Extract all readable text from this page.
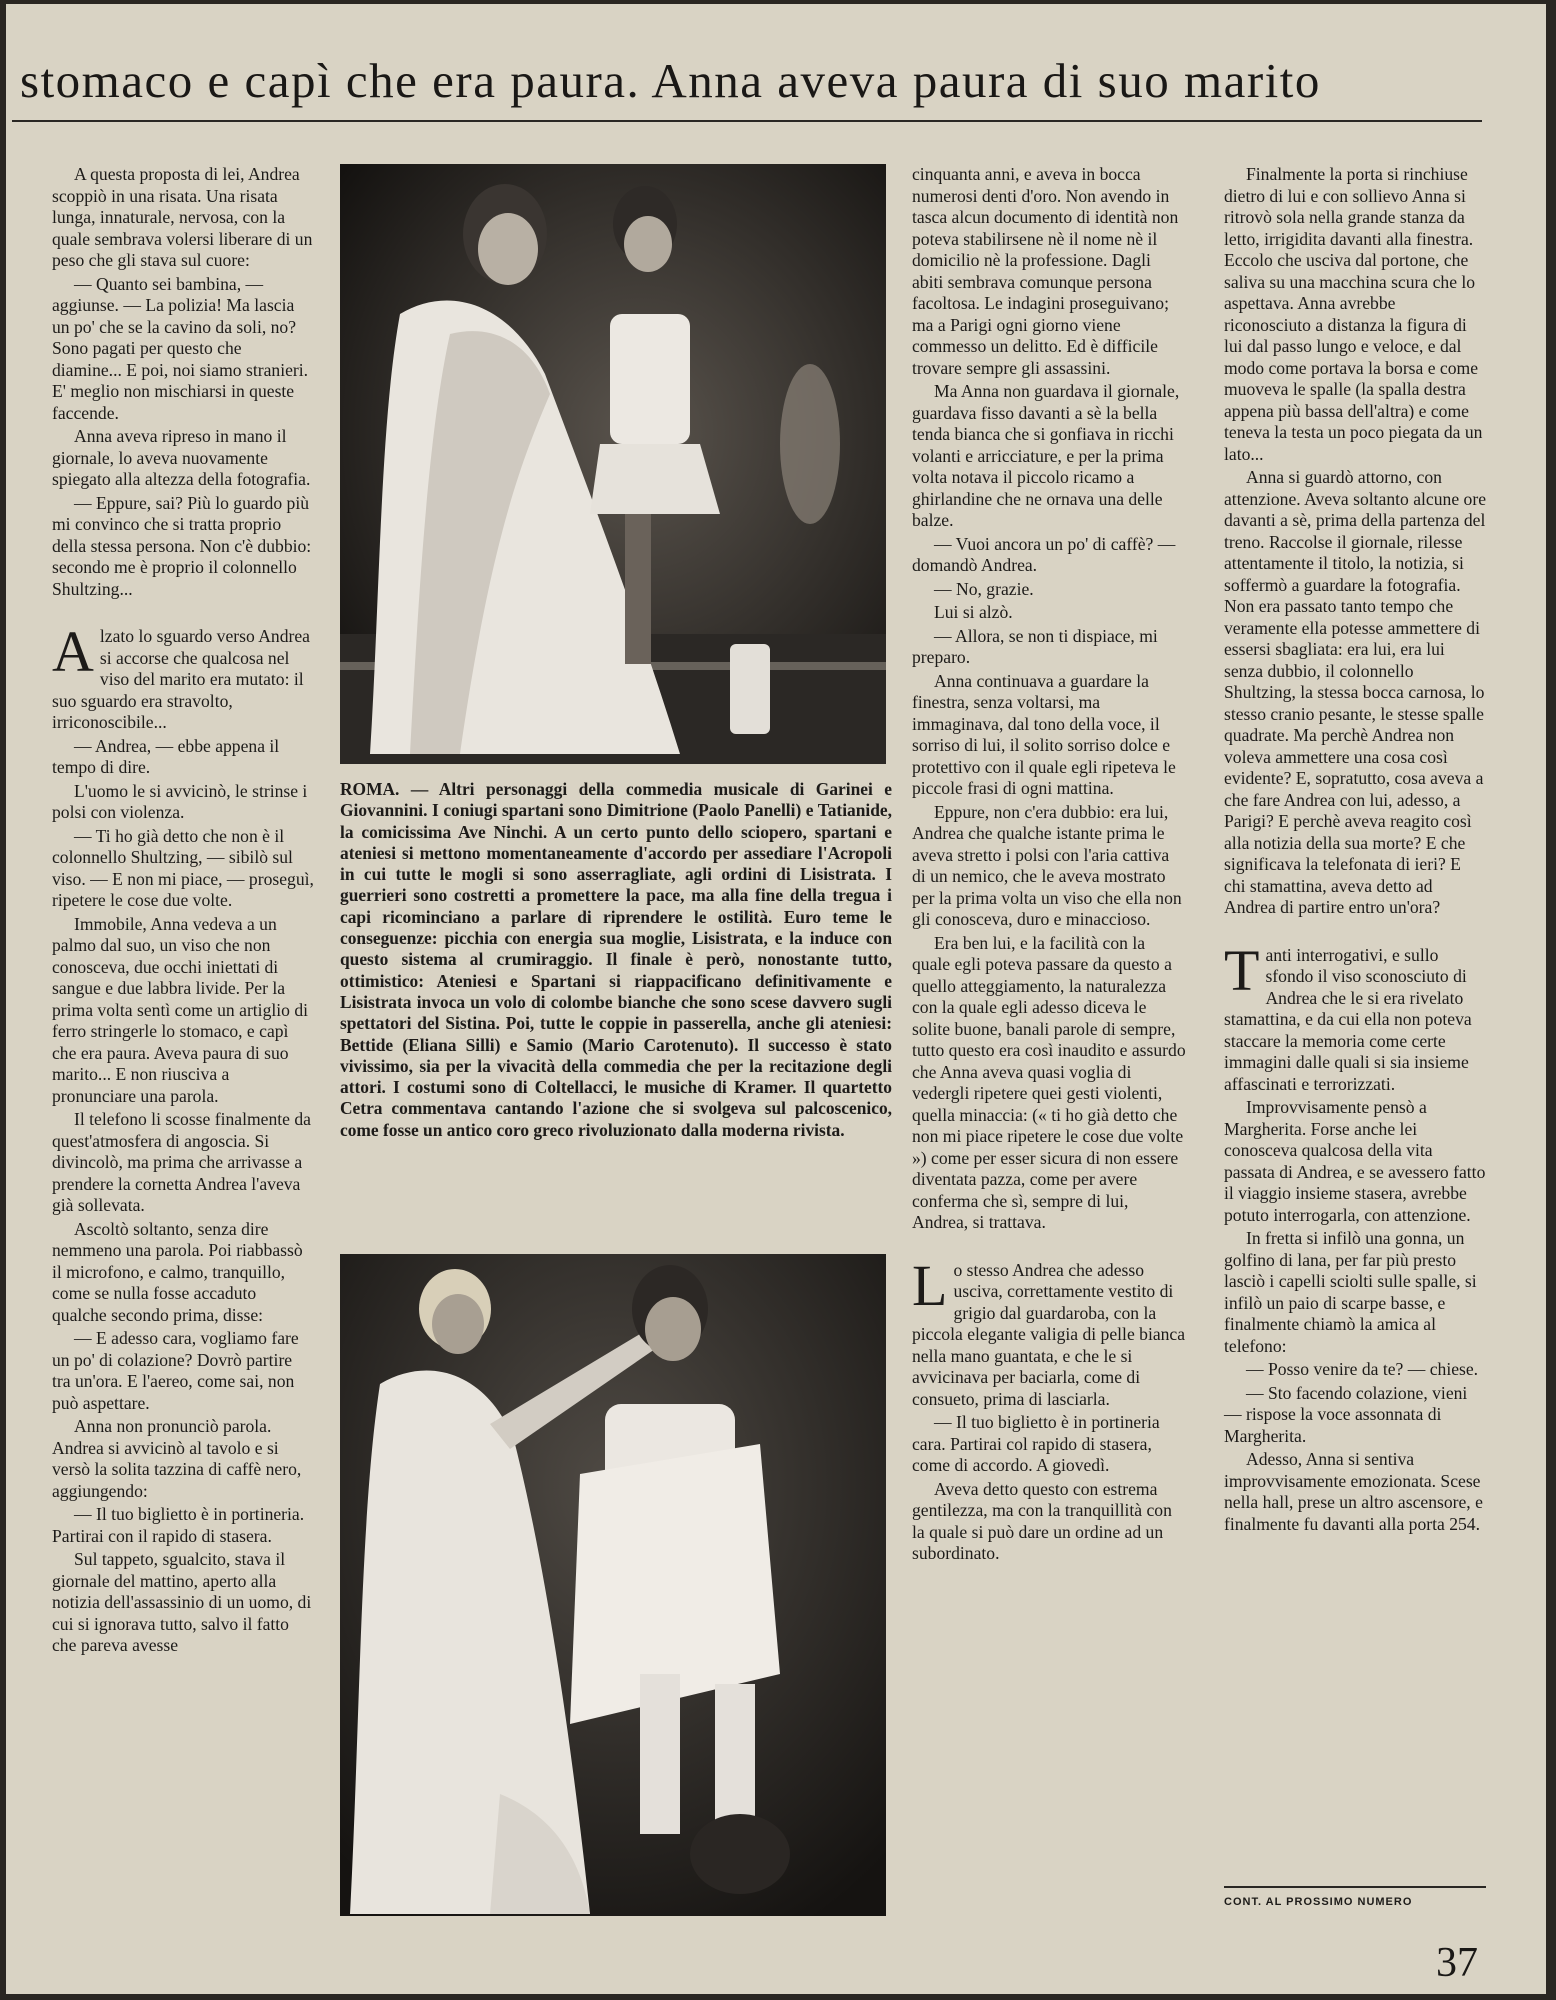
stomaco e capì che era paura. Anna aveva paura di suo marito

A questa proposta di lei, Andrea scoppiò in una risata. Una risata lunga, innaturale, nervosa, con la quale sembrava volersi liberare di un peso che gli stava sul cuore:

— Quanto sei bambina, — aggiunse. — La polizia! Ma lascia un po' che se la cavino da soli, no? Sono pagati per questo che diamine... E poi, noi siamo stranieri. E' meglio non mischiarsi in queste faccende.

Anna aveva ripreso in mano il giornale, lo aveva nuovamente spiegato alla altezza della fotografia.

— Eppure, sai? Più lo guardo più mi convinco che si tratta proprio della stessa persona. Non c'è dubbio: secondo me è proprio il colonnello Shultzing...

Alzato lo sguardo verso Andrea si accorse che qualcosa nel viso del marito era mutato: il suo sguardo era stravolto, irriconoscibile...

— Andrea, — ebbe appena il tempo di dire.

L'uomo le si avvicinò, le strinse i polsi con violenza.

— Ti ho già detto che non è il colonnello Shultzing, — sibilò sul viso. — E non mi piace, — proseguì, ripetere le cose due volte.

Immobile, Anna vedeva a un palmo dal suo, un viso che non conosceva, due occhi iniettati di sangue e due labbra livide. Per la prima volta sentì come un artiglio di ferro stringerle lo stomaco, e capì che era paura. Aveva paura di suo marito... E non riusciva a pronunciare una parola.

Il telefono li scosse finalmente da quest'atmosfera di angoscia. Si divincolò, ma prima che arrivasse a prendere la cornetta Andrea l'aveva già sollevata.

Ascoltò soltanto, senza dire nemmeno una parola. Poi riabbassò il microfono, e calmo, tranquillo, come se nulla fosse accaduto qualche secondo prima, disse:

— E adesso cara, vogliamo fare un po' di colazione? Dovrò partire tra un'ora. E l'aereo, come sai, non può aspettare.

Anna non pronunciò parola. Andrea si avvicinò al tavolo e si versò la solita tazzina di caffè nero, aggiungendo:

— Il tuo biglietto è in portineria. Partirai con il rapido di stasera.

Sul tappeto, sgualcito, stava il giornale del mattino, aperto alla notizia dell'assassinio di un uomo, di cui si ignorava tutto, salvo il fatto che pareva avesse

ROMA. — Altri personaggi della commedia musicale di Garinei e Giovannini. I coniugi spartani sono Dimitrione (Paolo Panelli) e Tatianide, la comicissima Ave Ninchi. A un certo punto dello sciopero, spartani e ateniesi si mettono momentaneamente d'accordo per assediare l'Acropoli in cui tutte le mogli si sono asserragliate, agli ordini di Lisistrata. I guerrieri sono costretti a promettere la pace, ma alla fine della tregua i capi ricominciano a parlare di riprendere le ostilità. Euro teme le conseguenze: picchia con energia sua moglie, Lisistrata, e la induce con questo sistema al crumiraggio. Il finale è però, nonostante tutto, ottimistico: Ateniesi e Spartani si riappacificano definitivamente e Lisistrata invoca un volo di colombe bianche che sono scese davvero sugli spettatori del Sistina. Poi, tutte le coppie in passerella, anche gli ateniesi: Bettide (Eliana Silli) e Samio (Mario Carotenuto). Il successo è stato vivissimo, sia per la vivacità della commedia che per la recitazione degli attori. I costumi sono di Coltellacci, le musiche di Kramer. Il quartetto Cetra commentava cantando l'azione che si svolgeva sul palcoscenico, come fosse un antico coro greco rivoluzionato dalla moderna rivista.

cinquanta anni, e aveva in bocca numerosi denti d'oro. Non avendo in tasca alcun documento di identità non poteva stabilirsene nè il nome nè il domicilio nè la professione. Dagli abiti sembrava comunque persona facoltosa. Le indagini proseguivano; ma a Parigi ogni giorno viene commesso un delitto. Ed è difficile trovare sempre gli assassini.

Ma Anna non guardava il giornale, guardava fisso davanti a sè la bella tenda bianca che si gonfiava in ricchi volanti e arricciature, e per la prima volta notava il piccolo ricamo a ghirlandine che ne ornava una delle balze.

— Vuoi ancora un po' di caffè? — domandò Andrea.

— No, grazie.

Lui si alzò.

— Allora, se non ti dispiace, mi preparo.

Anna continuava a guardare la finestra, senza voltarsi, ma immaginava, dal tono della voce, il sorriso di lui, il solito sorriso dolce e protettivo con il quale egli ripeteva le piccole frasi di ogni mattina.

Eppure, non c'era dubbio: era lui, Andrea che qualche istante prima le aveva stretto i polsi con l'aria cattiva di un nemico, che le aveva mostrato per la prima volta un viso che ella non gli conosceva, duro e minaccioso.

Era ben lui, e la facilità con la quale egli poteva passare da questo a quello atteggiamento, la naturalezza con la quale egli adesso diceva le solite buone, banali parole di sempre, tutto questo era così inaudito e assurdo che Anna aveva quasi voglia di vedergli ripetere quei gesti violenti, quella minaccia: (« ti ho già detto che non mi piace ripetere le cose due volte ») come per esser sicura di non essere diventata pazza, come per avere conferma che sì, sempre di lui, Andrea, si trattava.

Lo stesso Andrea che adesso usciva, correttamente vestito di grigio dal guardaroba, con la piccola elegante valigia di pelle bianca nella mano guantata, e che le si avvicinava per baciarla, come di consueto, prima di lasciarla.

— Il tuo biglietto è in portineria cara. Partirai col rapido di stasera, come di accordo. A giovedì.

Aveva detto questo con estrema gentilezza, ma con la tranquillità con la quale si può dare un ordine ad un subordinato.

Finalmente la porta si rinchiuse dietro di lui e con sollievo Anna si ritrovò sola nella grande stanza da letto, irrigidita davanti alla finestra. Eccolo che usciva dal portone, che saliva su una macchina scura che lo aspettava. Anna avrebbe riconosciuto a distanza la figura di lui dal passo lungo e veloce, e dal modo come portava la borsa e come muoveva le spalle (la spalla destra appena più bassa dell'altra) e come teneva la testa un poco piegata da un lato...

Anna si guardò attorno, con attenzione. Aveva soltanto alcune ore davanti a sè, prima della partenza del treno. Raccolse il giornale, rilesse attentamente il titolo, la notizia, si soffermò a guardare la fotografia. Non era passato tanto tempo che veramente ella potesse ammettere di essersi sbagliata: era lui, era lui senza dubbio, il colonnello Shultzing, la stessa bocca carnosa, lo stesso cranio pesante, le stesse spalle quadrate. Ma perchè Andrea non voleva ammettere una cosa così evidente? E, sopratutto, cosa aveva a che fare Andrea con lui, adesso, a Parigi? E perchè aveva reagito così alla notizia della sua morte? E che significava la telefonata di ieri? E chi stamattina, aveva detto ad Andrea di partire entro un'ora?

Tanti interrogativi, e sullo sfondo il viso sconosciuto di Andrea che le si era rivelato stamattina, e da cui ella non poteva staccare la memoria come certe immagini dalle quali si sia insieme affascinati e terrorizzati.

Improvvisamente pensò a Margherita. Forse anche lei conosceva qualcosa della vita passata di Andrea, e se avessero fatto il viaggio insieme stasera, avrebbe potuto interrogarla, con attenzione.

In fretta si infilò una gonna, un golfino di lana, per far più presto lasciò i capelli sciolti sulle spalle, si infilò un paio di scarpe basse, e finalmente chiamò la amica al telefono:

— Posso venire da te? — chiese.

— Sto facendo colazione, vieni — rispose la voce assonnata di Margherita.

Adesso, Anna si sentiva improvvisamente emozionata. Scese nella hall, prese un altro ascensore, e finalmente fu davanti alla porta 254.

CONT. AL PROSSIMO NUMERO
37
